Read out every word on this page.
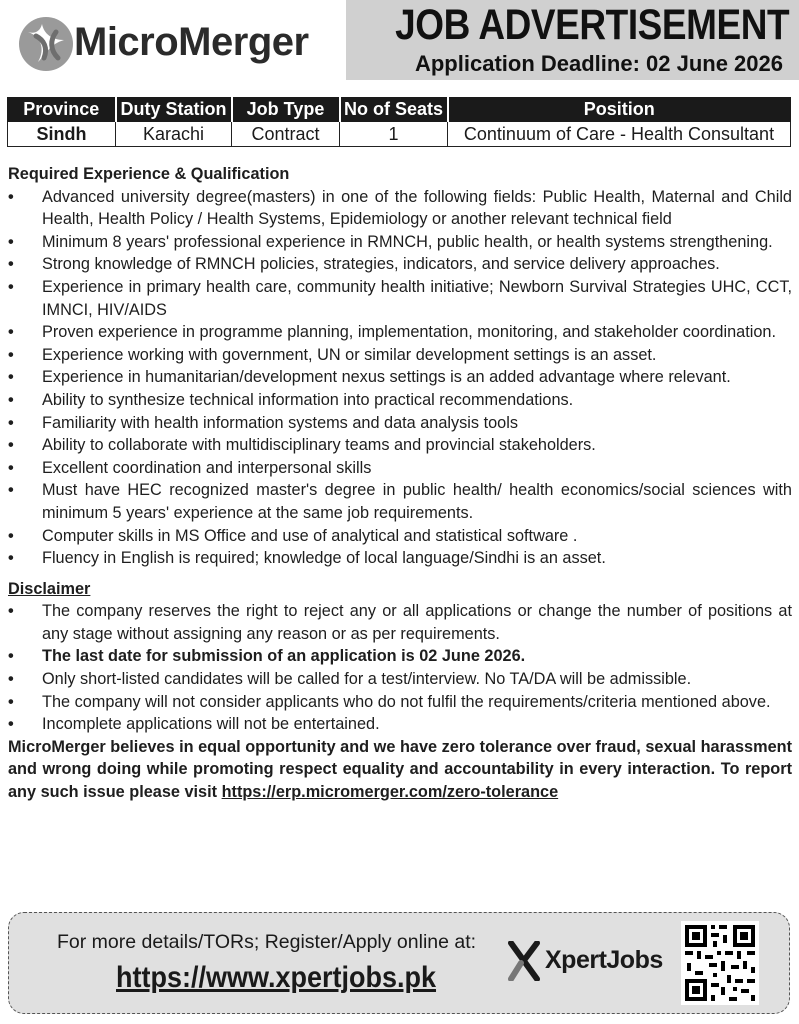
MicroMerger JOB ADVERTISEMENT
Application Deadline: 02 June 2026
Province	Duty Station	Job Type	No of Seats	Position
Sindh	Karachi	Contract	1	Continuum of Care - Health Consultant

Required Experience & Qualification

• Advanced university degree(masters) in one of the following fields: Public Health, Maternal and Child Health, Health Policy / Health Systems, Epidemiology or another relevant technical field
• Minimum 8 years' professional experience in RMNCH, public health, or health systems strengthening.
• Strong knowledge of RMNCH policies, strategies, indicators, and service delivery approaches.
• Experience in primary health care, community health initiative; Newborn Survival Strategies UHC, CCT, IMNCI, HIV/AIDS
• Proven experience in programme planning, implementation, monitoring, and stakeholder coordination.
• Experience working with government, UN or similar development settings is an asset.
• Experience in humanitarian/development nexus settings is an added advantage where relevant.
• Ability to synthesize technical information into practical recommendations.
• Familiarity with health information systems and data analysis tools
• Ability to collaborate with multidisciplinary teams and provincial stakeholders.
• Excellent coordination and interpersonal skills
• Must have HEC recognized master's degree in public health/ health economics/social sciences with minimum 5 years' experience at the same job requirements.
• Computer skills in MS Office and use of analytical and statistical software .
• Fluency in English is required; knowledge of local language/Sindhi is an asset.

Disclaimer

• The company reserves the right to reject any or all applications or change the number of positions at any stage without assigning any reason or as per requirements.
• The last date for submission of an application is 02 June 2026.
• Only short-listed candidates will be called for a test/interview. No TA/DA will be admissible.
• The company will not consider applicants who do not fulfil the requirements/criteria mentioned above.
• Incomplete applications will not be entertained.

MicroMerger believes in equal opportunity and we have zero tolerance over fraud, sexual harassment and wrong doing while promoting respect equality and accountability in every interaction. To report any such issue please visit https://erp.micromerger.com/zero-tolerance

For more details/TORs; Register/Apply online at:
https://www.xpertjobs.pk
XpertJobs
